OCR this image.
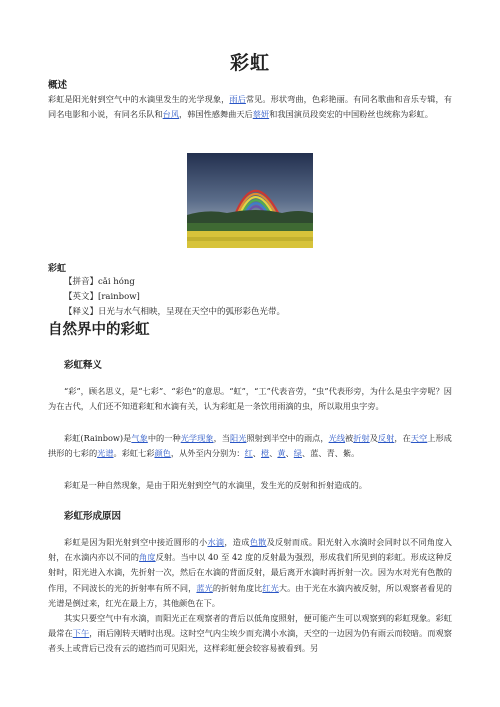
彩虹
概述

彩虹是阳光射到空气中的水滴里发生的光学现象，雨后常见。形状弯曲，色彩艳丽。有同名歌曲和音乐专辑，有同名电影和小说，有同名乐队和台风，韩国性感舞曲天后蔡妍和我国演员段奕宏的中国粉丝也统称为彩虹。

彩虹
【拼音】cǎi hóng
【英文】[rainbow]
【释义】日光与水气相映，呈现在天空中的弧形彩色光带。
自然界中的彩虹
彩虹释义

“彩”，顾名思义，是“七彩”、“彩色”的意思。“虹”，“工”代表音劳，“虫”代表形旁，为什么是虫字旁呢？因为在古代，人们还不知道彩虹和水滴有关，认为彩虹是一条饮用雨滴的虫，所以取用虫字旁。

彩虹(Rainbow)是气象中的一种光学现象，当阳光照射到半空中的雨点，光线被折射及反射，在天空上形成拱形的七彩的光谱。彩虹七彩颜色，从外至内分别为：红、橙、黄、绿、蓝、青、紫。

彩虹是一种自然现象，是由于阳光射到空气的水滴里，发生光的反射和折射造成的。

彩虹形成原因

彩虹是因为阳光射到空中接近圆形的小水滴，造成色散及反射而成。阳光射入水滴时会同时以不同角度入射，在水滴内亦以不同的角度反射。当中以 40 至 42 度的反射最为强烈，形成我们所见到的彩虹。形成这种反射时，阳光进入水滴，先折射一次，然后在水滴的背面反射，最后离开水滴时再折射一次。因为水对光有色散的作用，不同波长的光的折射率有所不同，蓝光的折射角度比红光大。由于光在水滴内被反射，所以观察者看见的光谱是倒过来，红光在最上方，其他颜色在下。

其实只要空气中有水滴，而阳光正在观察者的背后以低角度照射，便可能产生可以观察到的彩虹现象。彩虹最常在下午，雨后刚转天晴时出现。这时空气内尘埃少而充满小水滴，天空的一边因为仍有雨云而较暗。而观察者头上或背后已没有云的遮挡而可见阳光，这样彩虹便会较容易被看到。另
